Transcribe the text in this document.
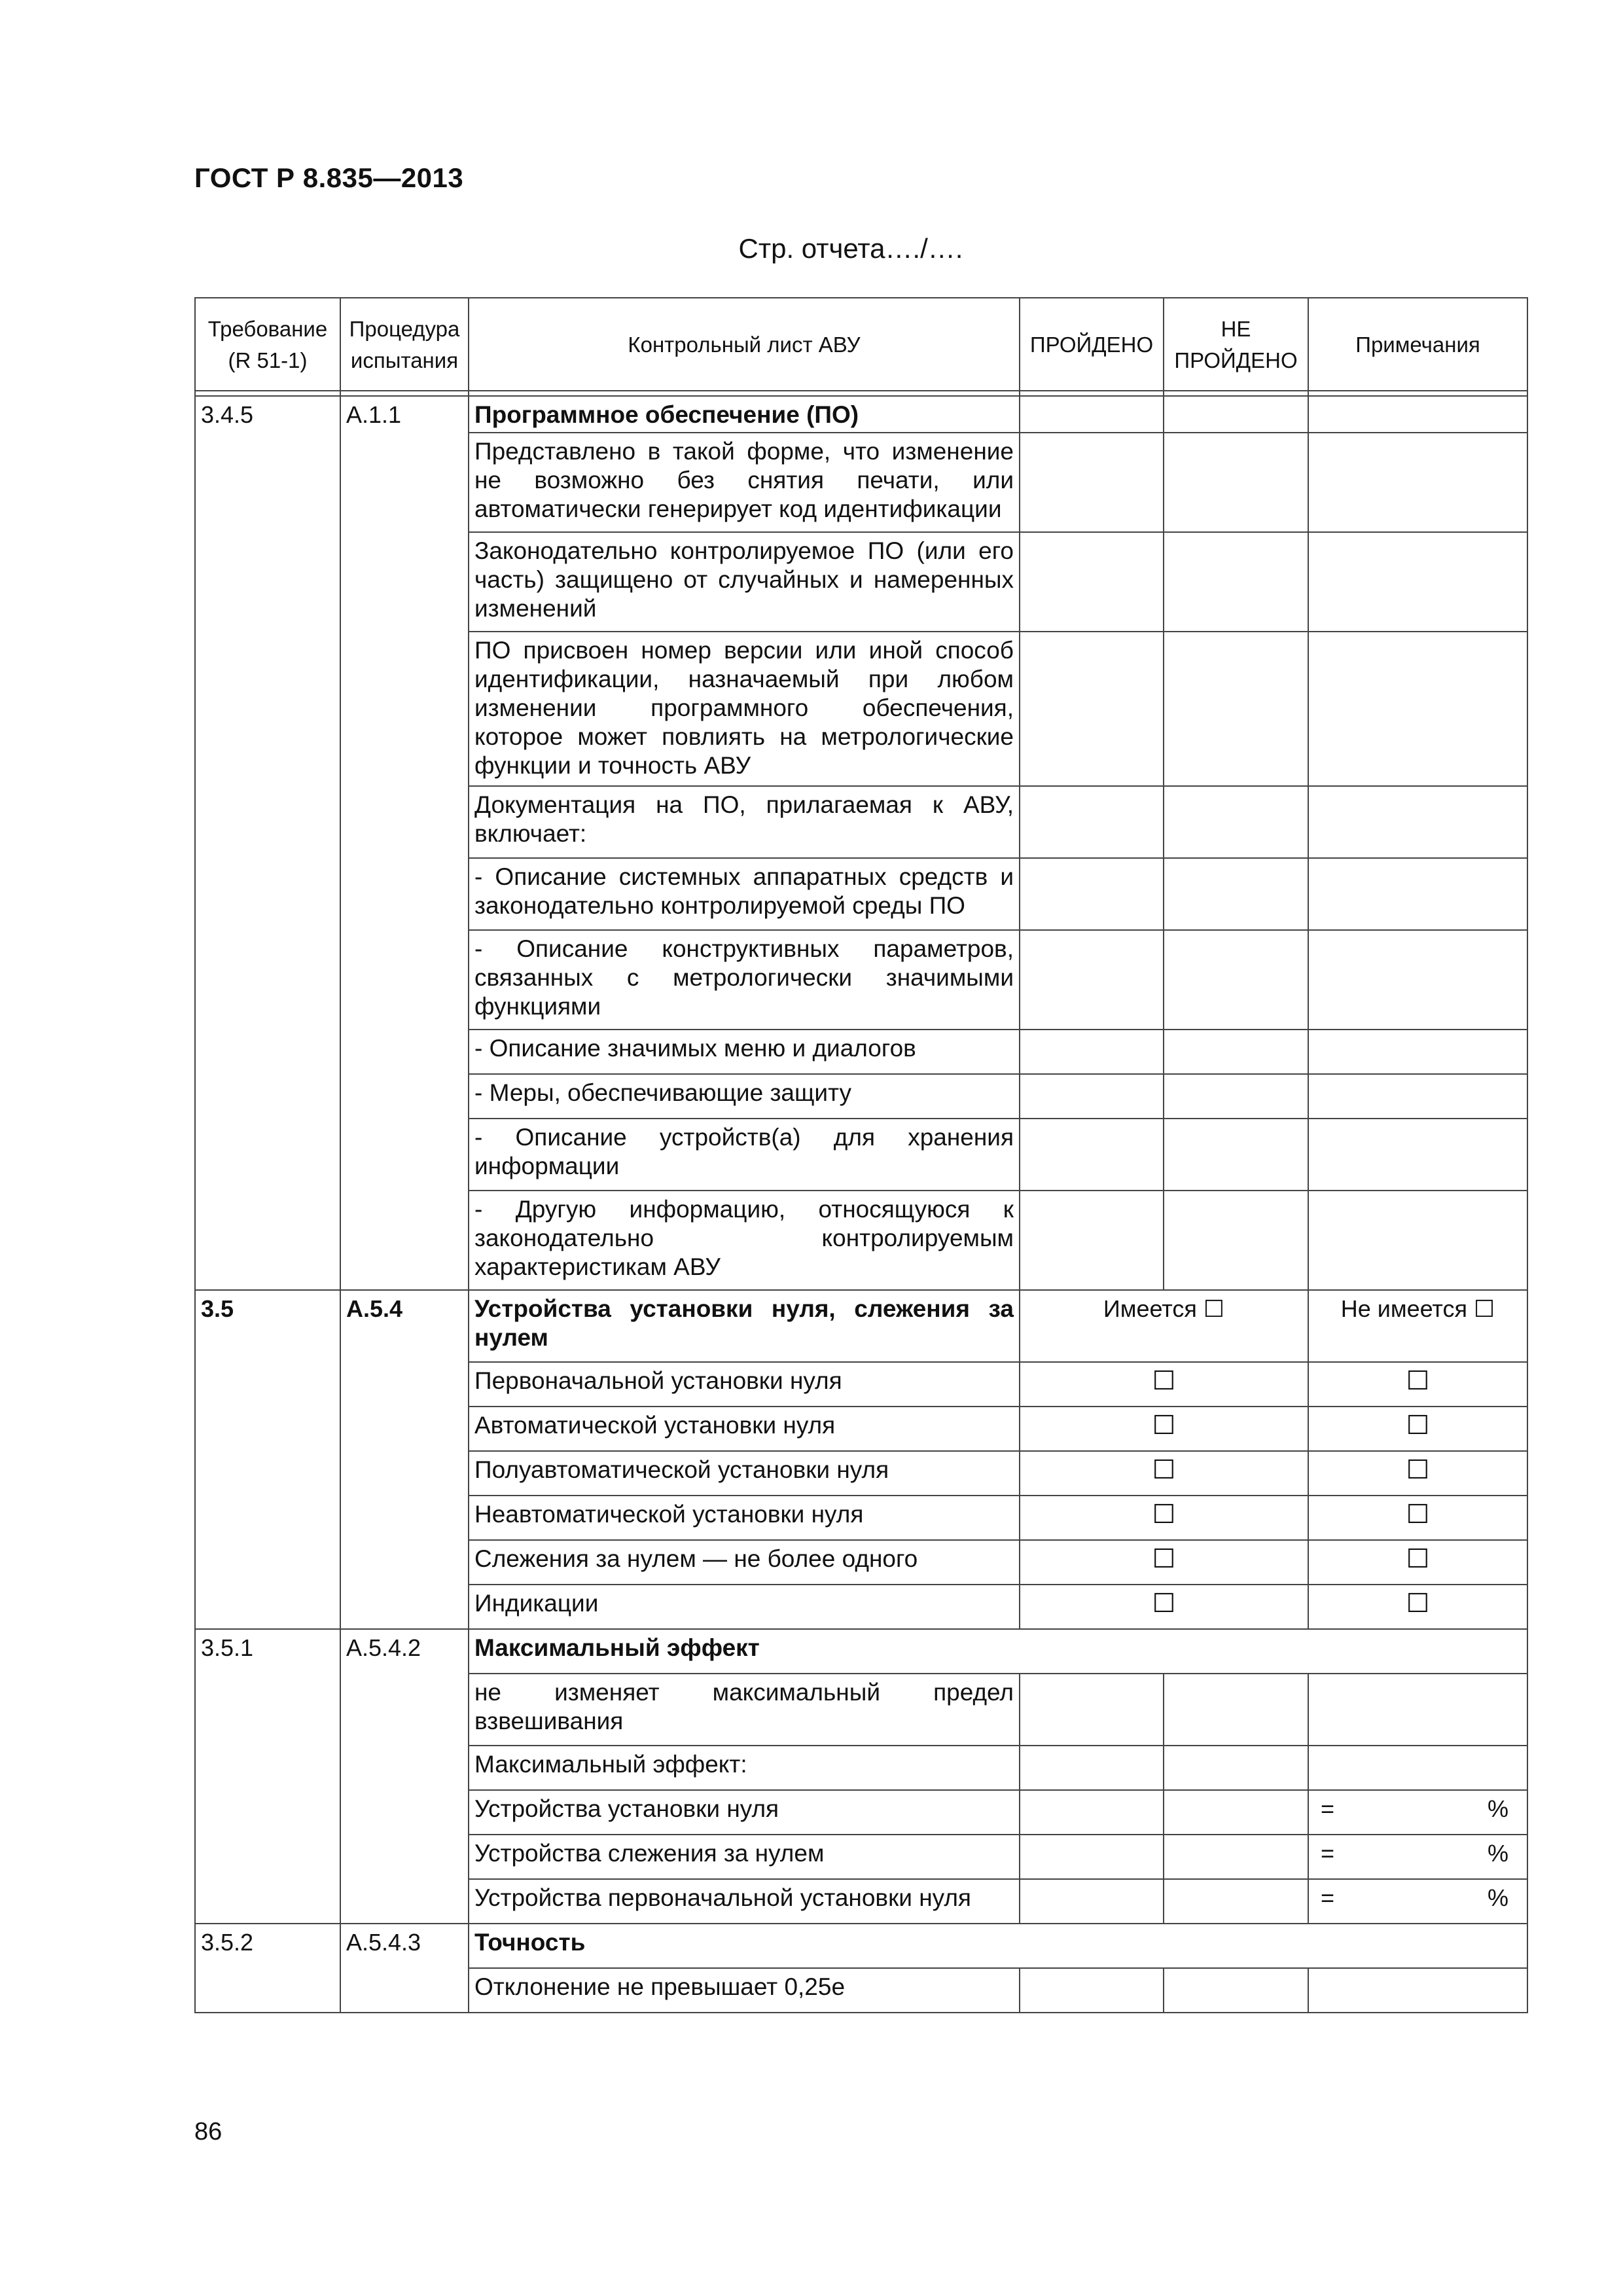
ГОСТ Р 8.835—2013
Стр. отчета…./….
Требование (R 51-1)	Процедура испытания	Контрольный лист АВУ	ПРОЙДЕНО	НЕ ПРОЙДЕНО	Примечания

3.4.5	A.1.1	Программное обеспечение (ПО)			
		Представлено в такой форме, что изменение не возможно без снятия печати, или автоматически генерирует код идентификации			
		Законодательно контролируемое ПО (или его часть) защищено от случайных и намеренных изменений			
		ПО присвоен номер версии или иной способ идентификации, назначаемый при любом изменении программного обеспечения, которое может повлиять на метрологические функции и точность АВУ			
		Документация на ПО, прилагаемая к АВУ, включает:			
		- Описание системных аппаратных средств и законодательно контролируемой среды ПО			
		- Описание конструктивных параметров, связанных с метрологически значимыми функциями			
		- Описание значимых меню и диалогов			
		- Меры, обеспечивающие защиту			
		- Описание устройств(а) для хранения информации			
		- Другую информацию, относящуюся к законодательно контролируемым характеристикам АВУ			
3.5	A.5.4	Устройства установки нуля, слежения за нулем	Имеется ☐		Не имеется ☐
		Первоначальной установки нуля	☐		☐
		Автоматической установки нуля	☐		☐
		Полуавтоматической установки нуля	☐		☐
		Неавтоматической установки нуля	☐		☐
		Слежения за нулем — не более одного	☐		☐
		Индикации	☐		☐
3.5.1	A.5.4.2	Максимальный эффект			
		не изменяет максимальный предел взвешивания			
		Максимальный эффект:			
		Устройства установки нуля			= %

		Устройства слежения за нулем			= %

		Устройства первоначальной установки нуля			= %

3.5.2	A.5.4.3	Точность			
		Отклонение не превышает 0,25е			
86
